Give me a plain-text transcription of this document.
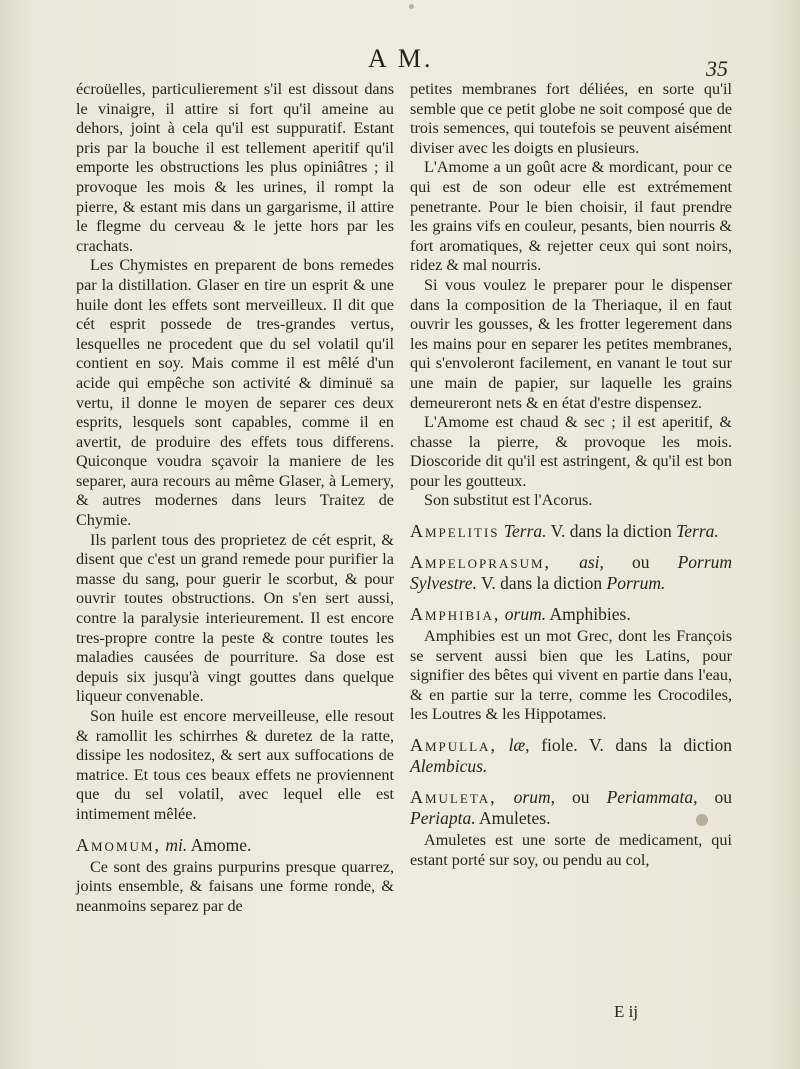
A M.	35

écroüelles, particulierement s'il est dissout dans le vinaigre, il attire si fort qu'il ameine au dehors, joint à cela qu'il est suppuratif. Estant pris par la bouche il est tellement aperitif qu'il emporte les obstructions les plus opiniâtres ; il provoque les mois & les urines, il rompt la pierre, & estant mis dans un gargarisme, il attire le flegme du cerveau & le jette hors par les crachats.

Les Chymistes en preparent de bons remedes par la distillation. Glaser en tire un esprit & une huile dont les effets sont merveilleux. Il dit que cét esprit possede de tres-grandes vertus, lesquelles ne procedent que du sel volatil qu'il contient en soy. Mais comme il est mêlé d'un acide qui empêche son activité & diminuë sa vertu, il donne le moyen de separer ces deux esprits, lesquels sont capables, comme il en avertit, de produire des effets tous differens. Quiconque voudra sçavoir la maniere de les separer, aura recours au même Glaser, à Lemery, & autres modernes dans leurs Traitez de Chymie.

Ils parlent tous des proprietez de cét esprit, & disent que c'est un grand remede pour purifier la masse du sang, pour guerir le scorbut, & pour ouvrir toutes obstructions. On s'en sert aussi, contre la paralysie interieurement. Il est encore tres-propre contre la peste & contre toutes les maladies causées de pourriture. Sa dose est depuis six jusqu'à vingt gouttes dans quelque liqueur convenable.

Son huile est encore merveilleuse, elle resout & ramollit les schirrhes & duretez de la ratte, dissipe les nodositez, & sert aux suffocations de matrice. Et tous ces beaux effets ne proviennent que du sel volatil, avec lequel elle est intimement mêlée.

Amomum, mi. Amome.

Ce sont des grains purpurins presque quarrez, joints ensemble, & faisans une forme ronde, & neanmoins separez par de

petites membranes fort déliées, en sorte qu'il semble que ce petit globe ne soit composé que de trois semences, qui toutefois se peuvent aisément diviser avec les doigts en plusieurs.

L'Amome a un goût acre & mordicant, pour ce qui est de son odeur elle est extrémement penetrante. Pour le bien choisir, il faut prendre les grains vifs en couleur, pesants, bien nourris & fort aromatiques, & rejetter ceux qui sont noirs, ridez & mal nourris.

Si vous voulez le preparer pour le dispenser dans la composition de la Theriaque, il en faut ouvrir les gousses, & les frotter legerement dans les mains pour en separer les petites membranes, qui s'envoleront facilement, en vanant le tout sur une main de papier, sur laquelle les grains demeureront nets & en état d'estre dispensez.

L'Amome est chaud & sec ; il est aperitif, & chasse la pierre, & provoque les mois. Dioscoride dit qu'il est astringent, & qu'il est bon pour les goutteux.

Son substitut est l'Acorus.

Ampelitis Terra. V. dans la diction Terra.

Ampeloprasum, asi, ou Porrum Sylvestre. V. dans la diction Porrum.

Amphibia, orum. Amphibies.

Amphibies est un mot Grec, dont les François se servent aussi bien que les Latins, pour signifier des bêtes qui vivent en partie dans l'eau, & en partie sur la terre, comme les Crocodiles, les Loutres & les Hippotames.

Ampulla, læ, fiole. V. dans la diction Alembicus.

Amuleta, orum, ou Periammata, ou Periapta. Amuletes.

Amuletes est une sorte de medicament, qui estant porté sur soy, ou pendu au col,

E ij
